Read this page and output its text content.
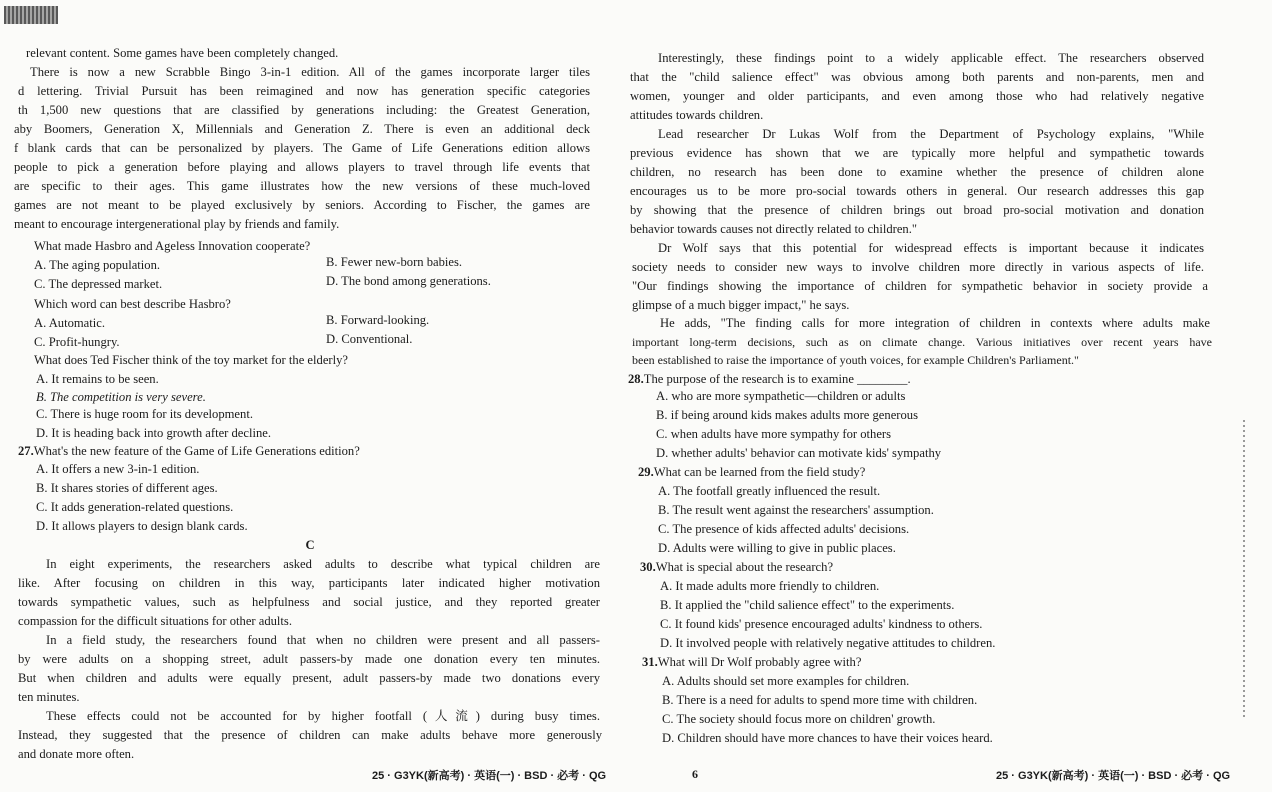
relevant content. Some games have been completely changed.
There is now a new Scrabble Bingo 3-in-1 edition. All of the games incorporate larger tiles
d lettering. Trivial Pursuit has been reimagined and now has generation specific categories
th 1,500 new questions that are classified by generations including: the Greatest Generation,
aby Boomers, Generation X, Millennials and Generation Z. There is even an additional deck
f blank cards that can be personalized by players. The Game of Life Generations edition allows
people to pick a generation before playing and allows players to travel through life events that
are specific to their ages. This game illustrates how the new versions of these much-loved
games are not meant to be played exclusively by seniors. According to Fischer, the games are
meant to encourage intergenerational play by friends and family.
What made Hasbro and Ageless Innovation cooperate?
A. The aging population.	B. Fewer new-born babies.
C. The depressed market.	D. The bond among generations.
Which word can best describe Hasbro?
A. Automatic.	B. Forward-looking.
C. Profit-hungry.	D. Conventional.
What does Ted Fischer think of the toy market for the elderly?
A. It remains to be seen.
B. The competition is very severe.
C. There is huge room for its development.
D. It is heading back into growth after decline.
27.What's the new feature of the Game of Life Generations edition?
A. It offers a new 3-in-1 edition.
B. It shares stories of different ages.
C. It adds generation-related questions.
D. It allows players to design blank cards.
C
In eight experiments, the researchers asked adults to describe what typical children are
like. After focusing on children in this way, participants later indicated higher motivation
towards sympathetic values, such as helpfulness and social justice, and they reported greater
compassion for the difficult situations for other adults.
In a field study, the researchers found that when no children were present and all passers-
by were adults on a shopping street, adult passers-by made one donation every ten minutes.
But when children and adults were equally present, adult passers-by made two donations every
ten minutes.
These effects could not be accounted for by higher footfall (人流) during busy times.
Instead, they suggested that the presence of children can make adults behave more generously
and donate more often.
25 · G3YK(新高考) · 英语(一) · BSD · 必考 · QG
Interestingly, these findings point to a widely applicable effect. The researchers observed
that the "child salience effect" was obvious among both parents and non-parents, men and
women, younger and older participants, and even among those who had relatively negative
attitudes towards children.
Lead researcher Dr Lukas Wolf from the Department of Psychology explains, "While
previous evidence has shown that we are typically more helpful and sympathetic towards
children, no research has been done to examine whether the presence of children alone
encourages us to be more pro-social towards others in general. Our research addresses this gap
by showing that the presence of children brings out broad pro-social motivation and donation
behavior towards causes not directly related to children."
Dr Wolf says that this potential for widespread effects is important because it indicates
society needs to consider new ways to involve children more directly in various aspects of life.
"Our findings showing the importance of children for sympathetic behavior in society provide a
glimpse of a much bigger impact," he says.
He adds, "The finding calls for more integration of children in contexts where adults make
important long-term decisions, such as on climate change. Various initiatives over recent years have
been established to raise the importance of youth voices, for example Children's Parliament."
28.The purpose of the research is to examine ________.
A. who are more sympathetic—children or adults
B. if being around kids makes adults more generous
C. when adults have more sympathy for others
D. whether adults' behavior can motivate kids' sympathy
29.What can be learned from the field study?
A. The footfall greatly influenced the result.
B. The result went against the researchers' assumption.
C. The presence of kids affected adults' decisions.
D. Adults were willing to give in public places.
30.What is special about the research?
A. It made adults more friendly to children.
B. It applied the "child salience effect" to the experiments.
C. It found kids' presence encouraged adults' kindness to others.
D. It involved people with relatively negative attitudes to children.
31.What will Dr Wolf probably agree with?
A. Adults should set more examples for children.
B. There is a need for adults to spend more time with children.
C. The society should focus more on children' growth.
D. Children should have more chances to have their voices heard.
6	25 · G3YK(新高考) · 英语(一) · BSD · 必考 · QG
